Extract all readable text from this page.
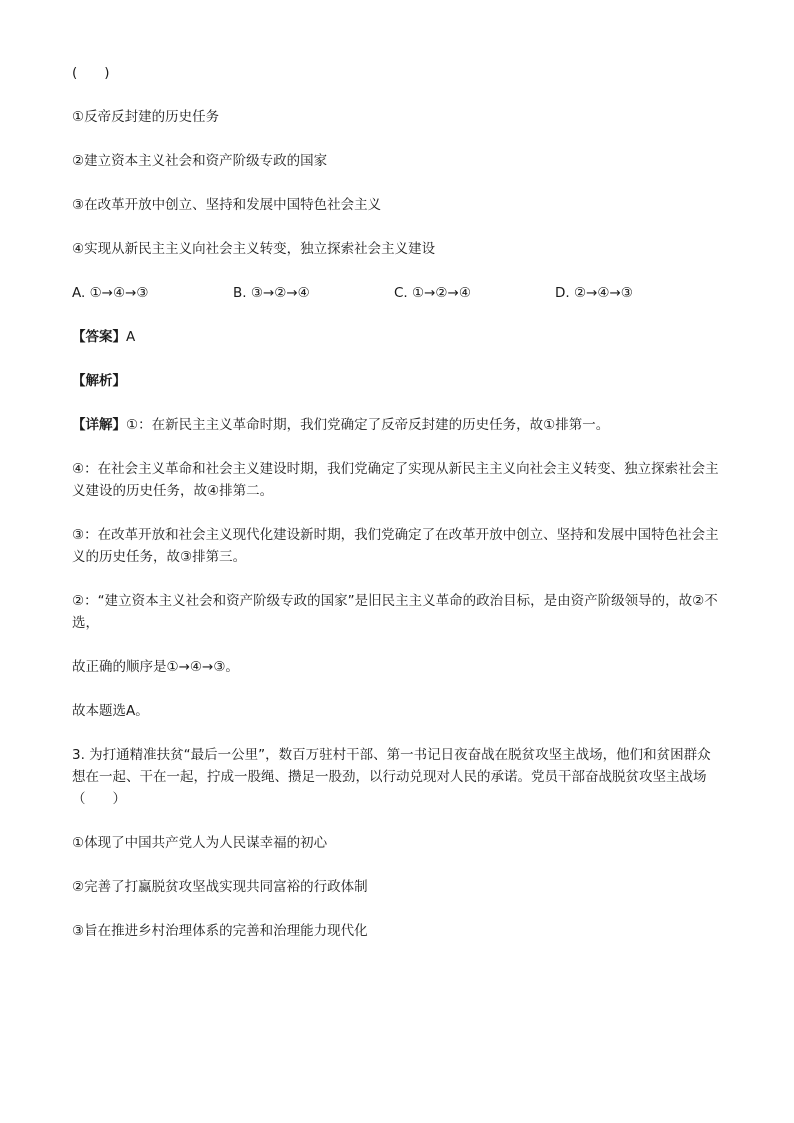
(　　)

①反帝反封建的历史任务

②建立资本主义社会和资产阶级专政的国家

③在改革开放中创立、坚持和发展中国特色社会主义

④实现从新民主主义向社会主义转变，独立探索社会主义建设

A. ①→④→③	B. ③→②→④	C. ①→②→④	D. ②→④→③

【答案】A

【解析】

【详解】①：在新民主主义革命时期，我们党确定了反帝反封建的历史任务，故①排第一。

④：在社会主义革命和社会主义建设时期，我们党确定了实现从新民主主义向社会主义转变、独立探索社会主义建设的历史任务，故④排第二。

③：在改革开放和社会主义现代化建设新时期，我们党确定了在改革开放中创立、坚持和发展中国特色社会主义的历史任务，故③排第三。

②：“建立资本主义社会和资产阶级专政的国家”是旧民主主义革命的政治目标，是由资产阶级领导的，故②不选，

故正确的顺序是①→④→③。

故本题选A。

3. 为打通精准扶贫“最后一公里”，数百万驻村干部、第一书记日夜奋战在脱贫攻坚主战场，他们和贫困群众想在一起、干在一起，拧成一股绳、攒足一股劲，以行动兑现对人民的承诺。党员干部奋战脱贫攻坚主战场（　　）

①体现了中国共产党人为人民谋幸福的初心

②完善了打赢脱贫攻坚战实现共同富裕的行政体制

③旨在推进乡村治理体系的完善和治理能力现代化
